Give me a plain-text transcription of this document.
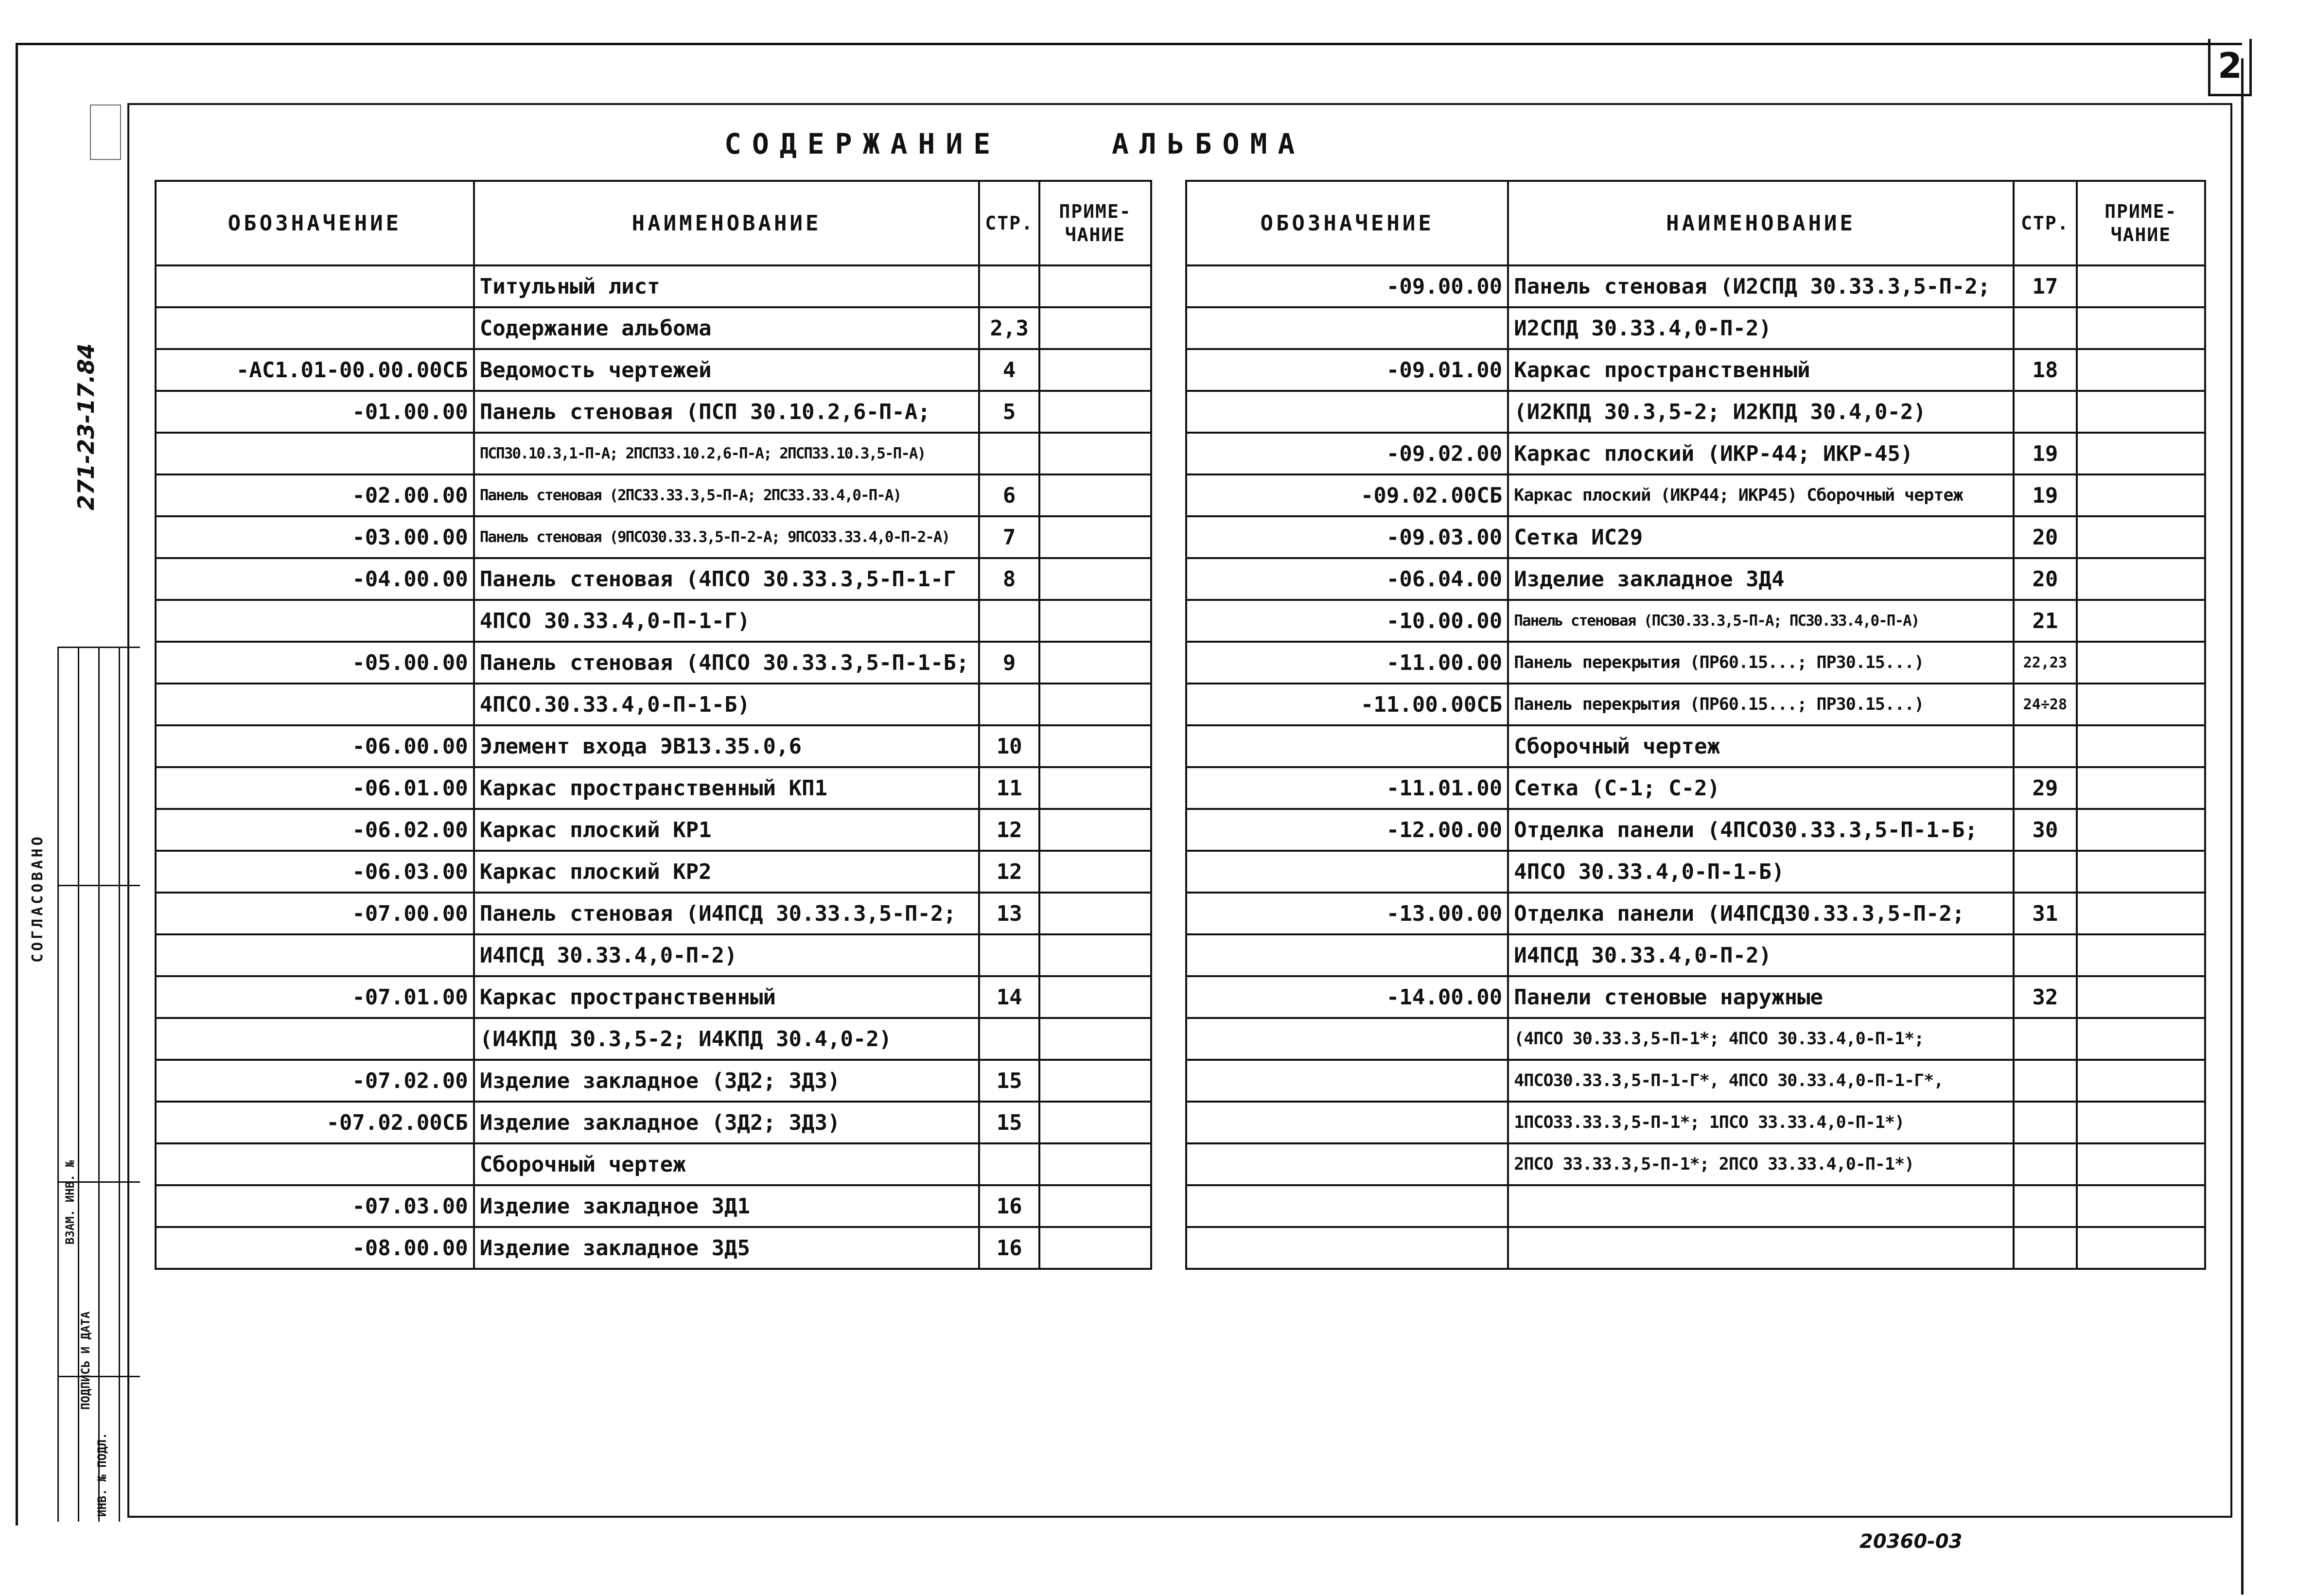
2
СОДЕРЖАНИЕ    АЛЬБОМА
271-23-17.84
СОГЛАСОВАНО
ВЗАМ. ИНВ. №
ПОДПИСЬ И ДАТА
ИНВ. № ПОДЛ.
ОБОЗНАЧЕНИЕ	НАИМЕНОВАНИЕ	СТР.	ПРИМЕ-
ЧАНИЕ
	Титульный лист		
	Содержание альбома	2,3	
-АС1.01-00.00.00СБ	Ведомость чертежей	4	
-01.00.00	Панель стеновая (ПСП 30.10.2,6-П-А;	5	
	ПСП30.10.3,1-П-А; 2ПСП33.10.2,6-П-А; 2ПСП33.10.3,5-П-А)		
-02.00.00	Панель стеновая (2ПС33.33.3,5-П-А; 2ПС33.33.4,0-П-А)	6	
-03.00.00	Панель стеновая (9ПСО30.33.3,5-П-2-А; 9ПСО33.33.4,0-П-2-А)	7	
-04.00.00	Панель стеновая (4ПСО 30.33.3,5-П-1-Г	8	
	4ПСО 30.33.4,0-П-1-Г)		
-05.00.00	Панель стеновая (4ПСО 30.33.3,5-П-1-Б;	9	
	4ПСО.30.33.4,0-П-1-Б)		
-06.00.00	Элемент входа ЭВ13.35.0,6	10	
-06.01.00	Каркас пространственный КП1	11	
-06.02.00	Каркас плоский КР1	12	
-06.03.00	Каркас плоский КР2	12	
-07.00.00	Панель стеновая (И4ПСД 30.33.3,5-П-2;	13	
	И4ПСД 30.33.4,0-П-2)		
-07.01.00	Каркас пространственный	14	
	(И4КПД 30.3,5-2; И4КПД 30.4,0-2)		
-07.02.00	Изделие закладное (ЗД2; ЗД3)	15	
-07.02.00СБ	Изделие закладное (ЗД2; ЗД3)	15	
	Сборочный чертеж		
-07.03.00	Изделие закладное ЗД1	16	
-08.00.00	Изделие закладное ЗД5	16	
ОБОЗНАЧЕНИЕ	НАИМЕНОВАНИЕ	СТР.	ПРИМЕ-
ЧАНИЕ
-09.00.00	Панель стеновая (И2СПД 30.33.3,5-П-2;	17	
	И2СПД 30.33.4,0-П-2)		
-09.01.00	Каркас пространственный	18	
	(И2КПД 30.3,5-2; И2КПД 30.4,0-2)		
-09.02.00	Каркас плоский (ИКР-44; ИКР-45)	19	
-09.02.00СБ	Каркас плоский (ИКР44; ИКР45) Сборочный чертеж	19	
-09.03.00	Сетка ИС29	20	
-06.04.00	Изделие закладное ЗД4	20	
-10.00.00	Панель стеновая (ПС30.33.3,5-П-А; ПС30.33.4,0-П-А)	21	
-11.00.00	Панель перекрытия (ПР60.15...; ПР30.15...)	22,23	
-11.00.00СБ	Панель перекрытия (ПР60.15...; ПР30.15...)	24÷28	
	Сборочный чертеж		
-11.01.00	Сетка (С-1; С-2)	29	
-12.00.00	Отделка панели (4ПСО30.33.3,5-П-1-Б;	30	
	4ПСО 30.33.4,0-П-1-Б)		
-13.00.00	Отделка панели (И4ПСД30.33.3,5-П-2;	31	
	И4ПСД 30.33.4,0-П-2)		
-14.00.00	Панели стеновые наружные	32	
	(4ПСО 30.33.3,5-П-1*; 4ПСО 30.33.4,0-П-1*;		
	4ПСО30.33.3,5-П-1-Г*, 4ПСО 30.33.4,0-П-1-Г*,		
	1ПСО33.33.3,5-П-1*; 1ПСО 33.33.4,0-П-1*)		
	2ПСО 33.33.3,5-П-1*; 2ПСО 33.33.4,0-П-1*)		

20360-03
